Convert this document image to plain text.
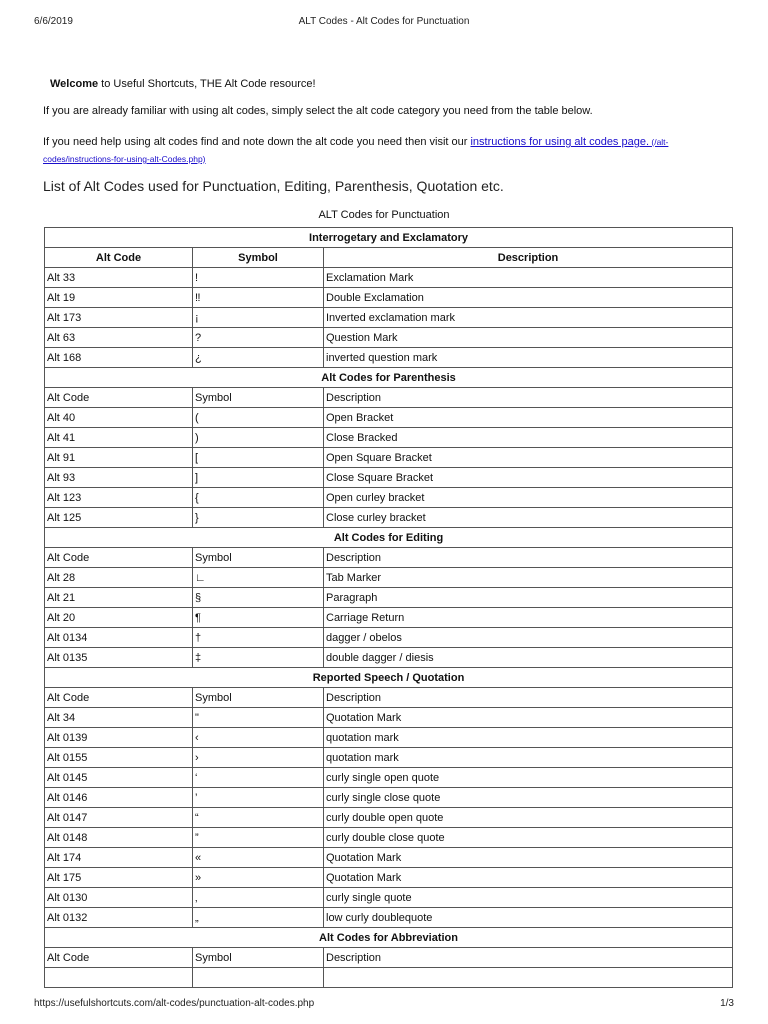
6/6/2019	ALT Codes - Alt Codes for Punctuation
Welcome to Useful Shortcuts, THE Alt Code resource!
If you are already familiar with using alt codes, simply select the alt code category you need from the table below.
If you need help using alt codes find and note down the alt code you need then visit our instructions for using alt codes page. (/alt-codes/instructions-for-using-alt-Codes.php)
List of Alt Codes used for Punctuation, Editing, Parenthesis, Quotation etc.
ALT Codes for Punctuation
Interrogetary and Exclamatory		
Alt Code	Symbol	Description
Alt 33	!	Exclamation Mark
Alt 19	‼	Double Exclamation
Alt 173	¡	Inverted exclamation mark
Alt 63	?	Question Mark
Alt 168	¿	inverted question mark
Alt Codes for Parenthesis		
Alt Code	Symbol	Description
Alt 40	(	Open Bracket
Alt 41	)	Close Bracked
Alt 91	[	Open Square Bracket
Alt 93	]	Close Square Bracket
Alt 123	{	Open curley bracket
Alt 125	}	Close curley bracket
Alt Codes for Editing		
Alt Code	Symbol	Description
Alt 28	∟	Tab Marker
Alt 21	§	Paragraph
Alt 20	¶	Carriage Return
Alt 0134	†	dagger / obelos
Alt 0135	‡	double dagger / diesis
Reported Speech / Quotation		
Alt Code	Symbol	Description
Alt 34	"	Quotation Mark
Alt 0139	‹	quotation mark
Alt 0155	›	quotation mark
Alt 0145	‘	curly single open quote
Alt 0146	’	curly single close quote
Alt 0147	“	curly double open quote
Alt 0148	”	curly double close quote
Alt 174	«	Quotation Mark
Alt 175	»	Quotation Mark
Alt 0130	‚	curly single quote
Alt 0132	„	low curly doublequote
Alt Codes for Abbreviation		
Alt Code	Symbol	Description

https://usefulshortcuts.com/alt-codes/punctuation-alt-codes.php	1/3
